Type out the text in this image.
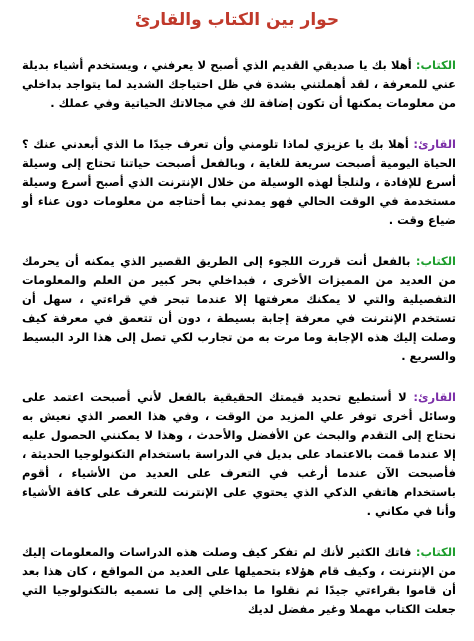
حوار بين الكتاب والقارئ

الكتاب: أهلا بك يا صديقي القديم الذي أصبح لا يعرفني ، ويستخدم أشياء بديلة عني للمعرفة ، لقد أهملتني بشدة في ظل احتياجك الشديد لما يتواجد بداخلي من معلومات يمكنها أن تكون إضافة لك في مجالاتك الحياتية وفي عملك .

القارئ: أهلا بك يا عزيزي لماذا تلومني وأن تعرف جيدًا ما الذي أبعدني عنك ؟ الحياة اليومية أصبحت سريعة للغاية ، وبالفعل أصبحت حياتنا تحتاج إلى وسيلة أسرع للإفادة ، ولنلجأ لهذه الوسيلة من خلال الإنترنت الذي أصبح أسرع وسيلة مستخدمة في الوقت الحالي فهو يمدني بما أحتاجه من معلومات دون عناء أو ضياع وقت .

الكتاب: بالفعل أنت قررت اللجوء إلى الطريق القصير الذي يمكنه أن يحرمك من العديد من المميزات الأخرى ، فبداخلي بحر كبير من العلم والمعلومات التفصيلية والتي لا يمكنك معرفتها إلا عندما تبحر في قراءتي ، سهل أن تستخدم الإنترنت في معرفة إجابة بسيطة ، دون أن تتعمق في معرفة كيف وصلت إليك هذه الإجابة وما مرت به من تجارب لكي تصل إلى هذا الرد البسيط والسريع .

القارئ: لا أستطيع تحديد قيمتك الحقيقية بالفعل لأني أصبحت اعتمد على وسائل أخرى توفر علي المزيد من الوقت ، وفي هذا العصر الذي نعيش به نحتاج إلى التقدم والبحث عن الأفضل والأحدث ، وهذا لا يمكنني الحصول عليه إلا عندما قمت بالاعتماد على بديل في الدراسة باستخدام التكنولوجيا الحديثة ، فأصبحت الآن عندما أرغب في التعرف على العديد من الأشياء ، أقوم باستخدام هاتفي الذكي الذي يحتوي على الإنترنت للتعرف على كافة الأشياء وأنا في مكاني .

الكتاب: فاتك الكثير لأنك لم تفكر كيف وصلت هذه الدراسات والمعلومات إليك من الإنترنت ، وكيف قام هؤلاء بتحميلها على العديد من المواقع ، كان هذا بعد أن قاموا بقراءتي جيدًا ثم نقلوا ما بداخلي إلى ما تسميه بالتكنولوجيا التي جعلت الكتاب مهملا وغير مفضل لديك
